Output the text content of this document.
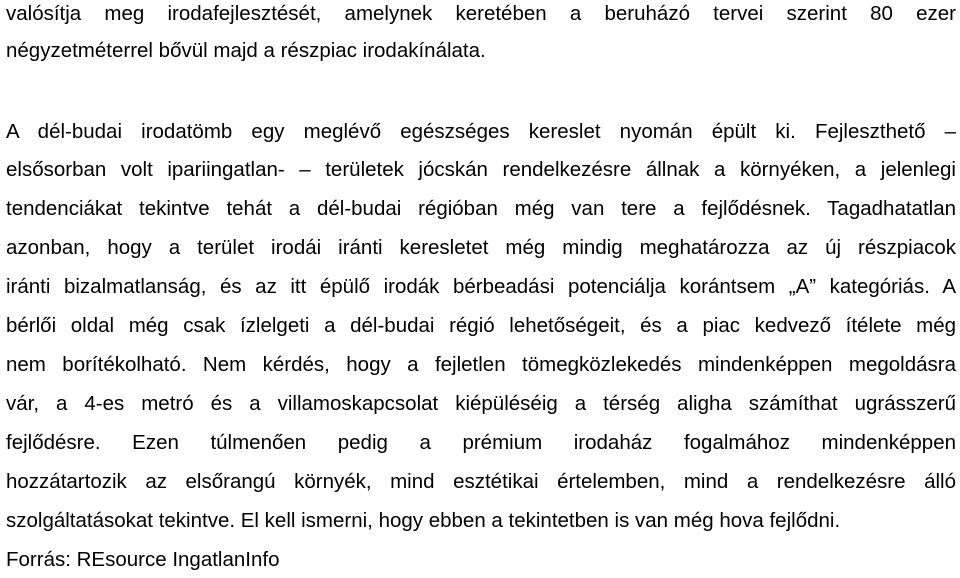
valósítja meg irodafejlesztését, amelynek keretében a beruházó tervei szerint 80 ezer
négyzetméterrel bővül majd a részpiac irodakínálata.
A dél-budai irodatömb egy meglévő egészséges kereslet nyomán épült ki. Fejleszthető –
elsősorban volt ipariingatlan- – területek jócskán rendelkezésre állnak a környéken, a jelenlegi
tendenciákat tekintve tehát a dél-budai régióban még van tere a fejlődésnek. Tagadhatatlan
azonban, hogy a terület irodái iránti keresletet még mindig meghatározza az új részpiacok
iránti bizalmatlanság, és az itt épülő irodák bérbeadási potenciálja korántsem „A” kategóriás. A
bérlői oldal még csak ízlelgeti a dél-budai régió lehetőségeit, és a piac kedvező ítélete még
nem borítékolható. Nem kérdés, hogy a fejletlen tömegközlekedés mindenképpen megoldásra
vár, a 4-es metró és a villamoskapcsolat kiépüléséig a térség aligha számíthat ugrásszerű
fejlődésre. Ezen túlmenően pedig a prémium irodaház fogalmához mindenképpen
hozzátartozik az elsőrangú környék, mind esztétikai értelemben, mind a rendelkezésre álló
szolgáltatásokat tekintve. El kell ismerni, hogy ebben a tekintetben is van még hova fejlődni.
Forrás: REsource IngatlanInfo
